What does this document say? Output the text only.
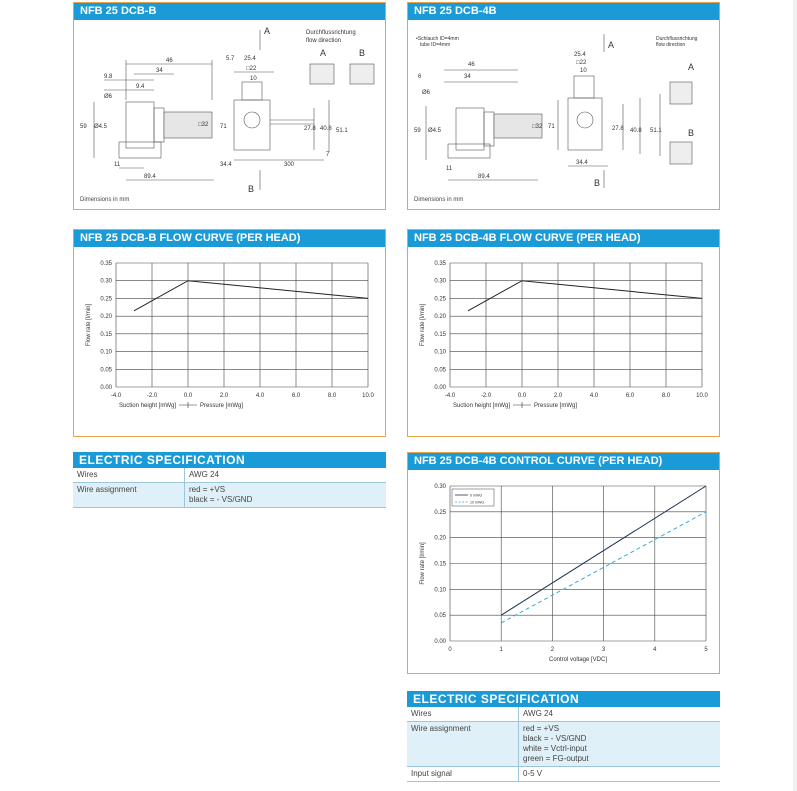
NFB 25 DCB-B
46
34
9.8
9.4
Ø6
5.7 25.4
□22
10
59 Ø4.5
11
89.4
34.4	300
□32 71	27.8 40.8 51.1
7
Durchflussrichtung
flow direction
A	B
A
B
Dimensions in mm
NFB 25 DCB-4B
•Schlauch ID=4mm
tube ID=4mm
46
34
6
Ø6
25.4
□22
10
59 Ø4.5
11
89.4
34.4
□32 71	27.8 40.8 51.1
Durchflussrichtung
flow direction
A
B
A
B
Dimensions in mm
NFB 25 DCB-B FLOW CURVE (PER HEAD)
-4.0	-2.0	0.0	2.0	4.0	6.0	8.0	10.0
0.00
0.05
0.10
0.15
0.20
0.25
0.30
0.35
Flow rate [l/min]
Suction height [mWg]	Pressure [mWg]
NFB 25 DCB-4B FLOW CURVE (PER HEAD)
-4.0	-2.0	0.0	2.0	4.0	6.0	8.0	10.0
0.00
0.05
0.10
0.15
0.20
0.25
0.30
0.35
Flow rate [l/min]
Suction height [mWg]	Pressure [mWg]
ELECTRIC SPECIFICATION
Wires	AWG 24
Wire assignment	red = +VS
black = - VS/GND
NFB 25 DCB-4B CONTROL CURVE (PER HEAD)
0	1	2	3	4	5
0.00
0.05
0.10
0.15
0.20
0.25
0.30
Flow rate [l/min]
Control voltage [VDC]
0 mWG
10 mWG
ELECTRIC SPECIFICATION
Wires	AWG 24
Wire assignment	red = +VS
black = - VS/GND
white = Vctrl-input
green = FG-output
Input signal	0-5 V
